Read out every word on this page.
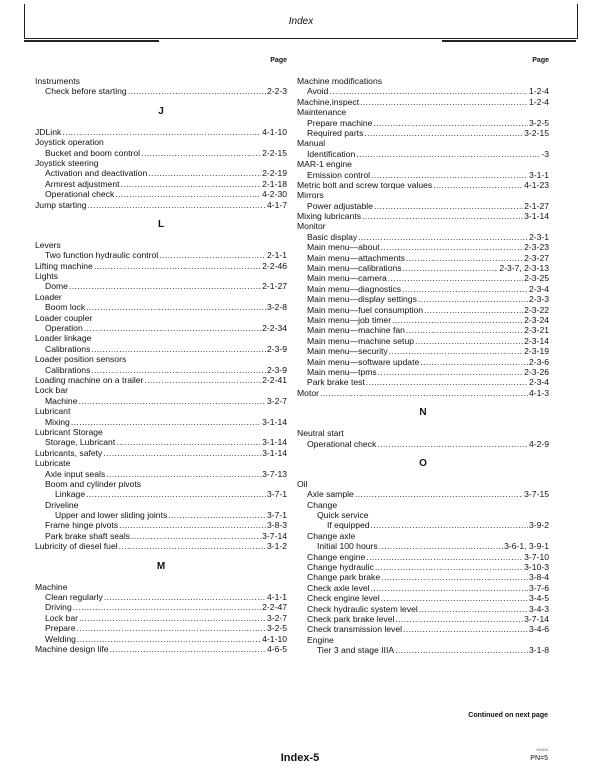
Index
Page
Instruments
Check before starting .....	2-2-3
J
JDLink .....	4-1-10
Joystick operation
Bucket and boom control .....	2-2-15
Joystick steering
Activation and deactivation .....	2-2-19
Armrest adjustment .....	2-1-18
Operational check .....	4-2-30
Jump starting .....	4-1-7
L
Levers
Two function hydraulic control .....	2-1-1
Lifting machine .....	2-2-46
Lights
Dome .....	2-1-27
Loader
Boom lock .....	3-2-8
Loader coupler
Operation .....	2-2-34
Loader linkage
Calibrations .....	2-3-9
Loader position sensors
Calibrations .....	2-3-9
Loading machine on a trailer .....	2-2-41
Lock bar
Machine .....	3-2-7
Lubricant
Mixing .....	3-1-14
Lubricant Storage
Storage, Lubricant .....	3-1-14
Lubricants, safety .....	3-1-14
Lubricate
Axle input seals .....	3-7-13
Boom and cylinder pivots
Linkage .....	3-7-1
Driveline
Upper and lower sliding joints .....	3-7-1
Frame hinge pivots .....	3-8-3
Park brake shaft seals .....	3-7-14
Lubricity of diesel fuel .....	3-1-2
M
Machine
Clean regularly .....	4-1-1
Driving .....	2-2-47
Lock bar .....	3-2-7
Prepare .....	3-2-5
Welding .....	4-1-10
Machine design life .....	4-6-5
Page
Machine modifications
Avoid .....	1-2-4
Machine,inspect .....	1-2-4
Maintenance
Prepare machine .....	3-2-5
Required parts .....	3-2-15
Manual
Identification .....	-3
MAR-1 engine
Emission control .....	3-1-1
Metric bolt and screw torque values .....	4-1-23
Mirrors
Power adjustable .....	2-1-27
Mixing lubricants .....	3-1-14
Monitor
Basic display .....	2-3-1
Main menu—about .....	2-3-23
Main menu—attachments .....	2-3-27
Main menu—calibrations .....	2-3-7, 2-3-13
Main menu—camera .....	2-3-25
Main menu—diagnostics .....	2-3-4
Main menu—display settings .....	2-3-3
Main menu—fuel consumption .....	2-3-22
Main menu—job timer .....	2-3-24
Main menu—machine fan .....	2-3-21
Main menu—machine setup .....	2-3-14
Main menu—security .....	2-3-19
Main menu—software update .....	2-3-6
Main menu—tpms .....	2-3-26
Park brake test .....	2-3-4
Motor .....	4-1-3
N
Neutral start
Operational check .....	4-2-9
O
Oil
Axle sample .....	3-7-15
Change
Quick service
If equipped .....	3-9-2
Change axle
Initial 100 hours .....	3-6-1, 3-9-1
Change engine .....	3-7-10
Change hydraulic .....	3-10-3
Change park brake .....	3-8-4
Check axle level .....	3-7-6
Check engine level .....	3-4-5
Check hydraulic system level .....	3-4-3
Check park brake level .....	3-7-14
Check transmission level .....	3-4-6
Engine
Tier 3 and stage IIIA .....	3-1-8
Continued on next page
Index-5
041924
PN=5
